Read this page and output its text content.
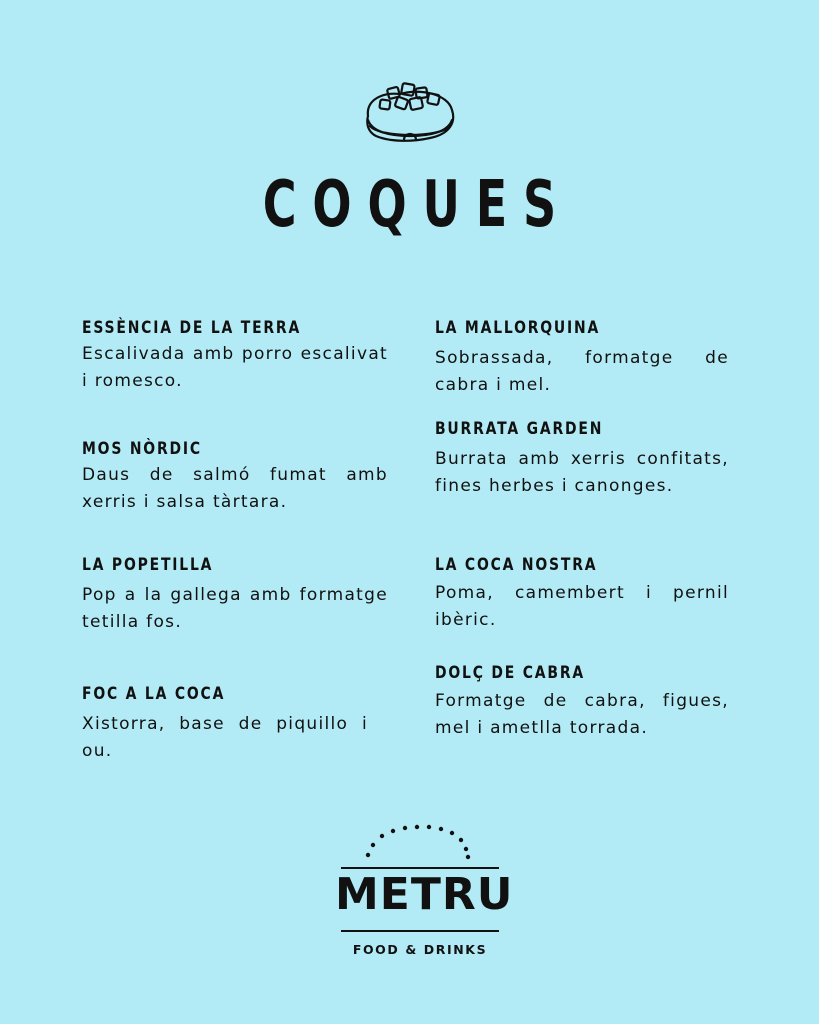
COQUES
ESSÈNCIA DE LA TERRA
Escalivada amb porro escalivat i romesco.
MOS NÒRDIC
Daus de salmó fumat amb xerris i salsa tàrtara.
LA POPETILLA
Pop a la gallega amb formatge tetilla fos.
FOC A LA COCA
Xistorra, base de piquillo i ou.
LA MALLORQUINA
Sobrassada, formatge de cabra i mel.
BURRATA GARDEN
Burrata amb xerris confitats, fines herbes i canonges.
LA COCA NOSTRA
Poma, camembert i pernil ibèric.
DOLÇ DE CABRA
Formatge de cabra, figues, mel i ametlla torrada.
METRU
FOOD & DRINKS
